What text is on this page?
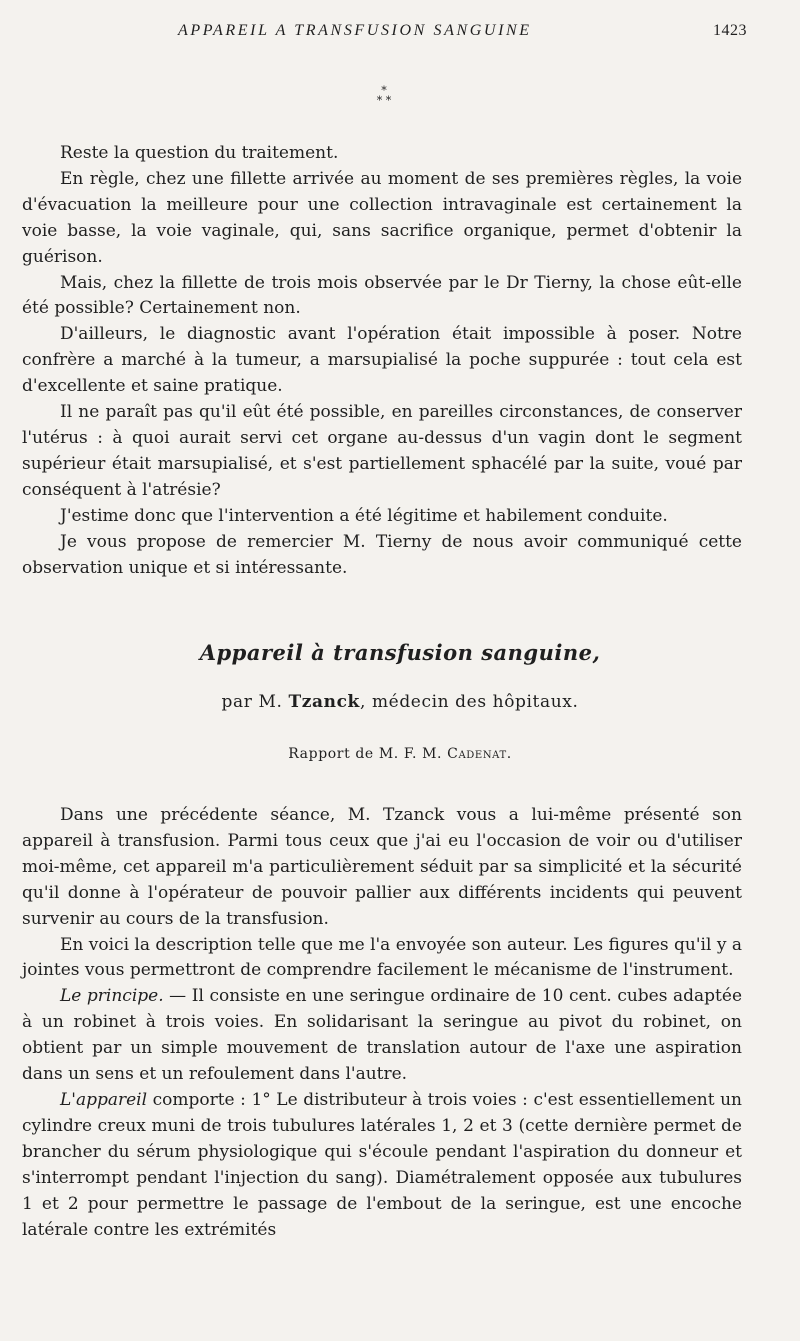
APPAREIL A TRANSFUSION SANGUINE	1423
*
* *

Reste la question du traitement.

En règle, chez une fillette arrivée au moment de ses premières règles, la voie d'évacuation la meilleure pour une collection intravaginale est certainement la voie basse, la voie vaginale, qui, sans sacrifice organique, permet d'obtenir la guérison.

Mais, chez la fillette de trois mois observée par le Dr Tierny, la chose eût-elle été possible? Certainement non.

D'ailleurs, le diagnostic avant l'opération était impossible à poser. Notre confrère a marché à la tumeur, a marsupialisé la poche suppurée : tout cela est d'excellente et saine pratique.

Il ne paraît pas qu'il eût été possible, en pareilles circonstances, de conserver l'utérus : à quoi aurait servi cet organe au-dessus d'un vagin dont le segment supérieur était marsupialisé, et s'est partiellement sphacélé par la suite, voué par conséquent à l'atrésie?

J'estime donc que l'intervention a été légitime et habilement conduite.

Je vous propose de remercier M. Tierny de nous avoir communiqué cette observation unique et si intéressante.

Appareil à transfusion sanguine,
par M. Tzanck, médecin des hôpitaux.
Rapport de M. F. M. Cadenat.

Dans une précédente séance, M. Tzanck vous a lui-même présenté son appareil à transfusion. Parmi tous ceux que j'ai eu l'occasion de voir ou d'utiliser moi-même, cet appareil m'a particulièrement séduit par sa simplicité et la sécurité qu'il donne à l'opérateur de pouvoir pallier aux différents incidents qui peuvent survenir au cours de la transfusion.

En voici la description telle que me l'a envoyée son auteur. Les figures qu'il y a jointes vous permettront de comprendre facilement le mécanisme de l'instrument.

Le principe. — Il consiste en une seringue ordinaire de 10 cent. cubes adaptée à un robinet à trois voies. En solidarisant la seringue au pivot du robinet, on obtient par un simple mouvement de translation autour de l'axe une aspiration dans un sens et un refoulement dans l'autre.

L'appareil comporte : 1° Le distributeur à trois voies : c'est essentiellement un cylindre creux muni de trois tubulures latérales 1, 2 et 3 (cette dernière permet de brancher du sérum physiologique qui s'écoule pendant l'aspiration du donneur et s'interrompt pendant l'injection du sang). Diamétralement opposée aux tubulures 1 et 2 pour permettre le passage de l'embout de la seringue, est une encoche latérale contre les extrémités
